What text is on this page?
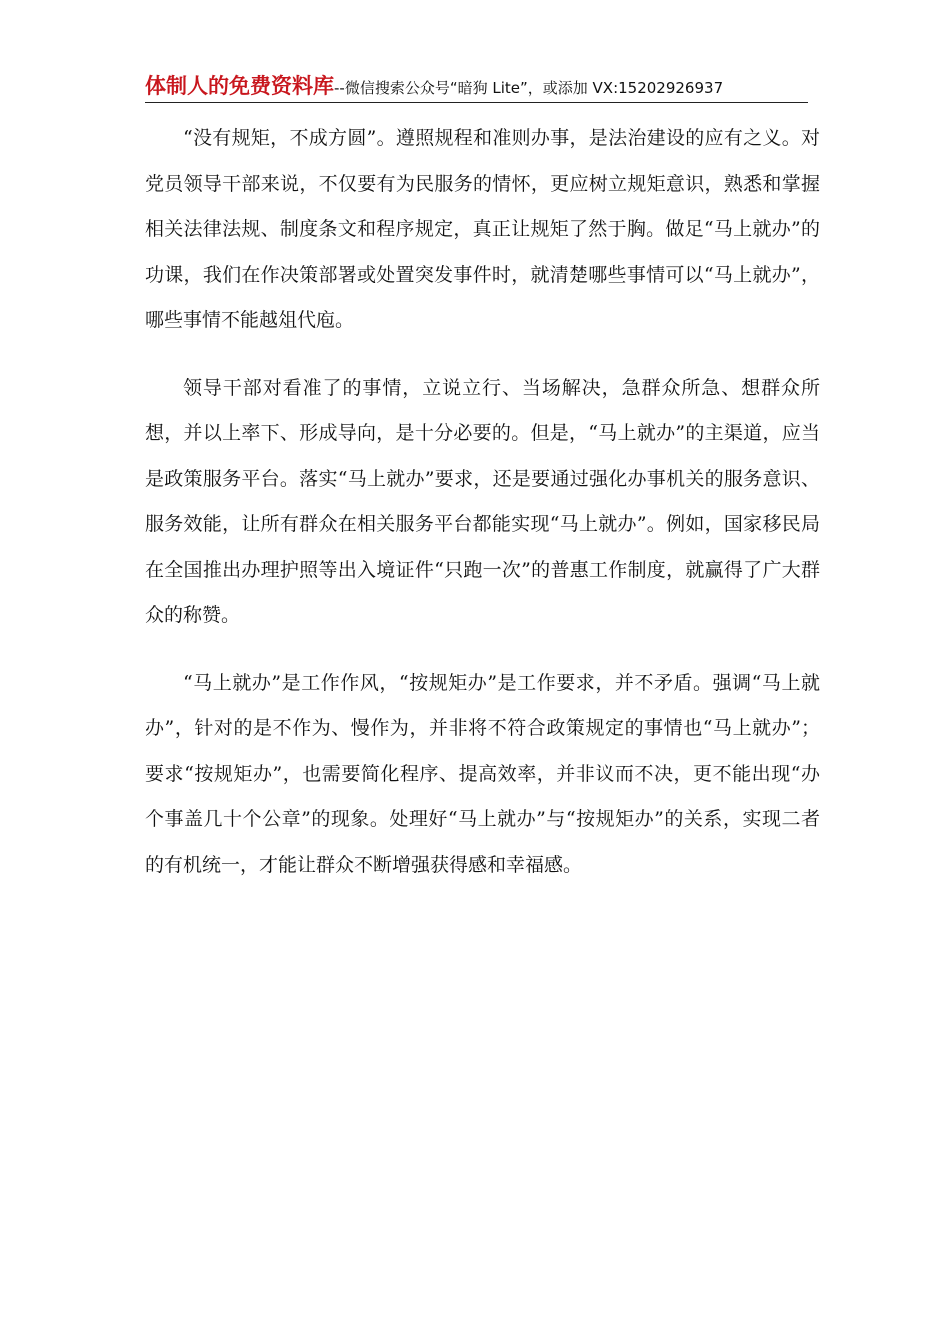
体制人的免费资料库--微信搜索公众号“暗狗 Lite”，或添加 VX:15202926937

“没有规矩，不成方圆”。遵照规程和准则办事，是法治建设的应有之义。对党员领导干部来说，不仅要有为民服务的情怀，更应树立规矩意识，熟悉和掌握相关法律法规、制度条文和程序规定，真正让规矩了然于胸。做足“马上就办”的功课，我们在作决策部署或处置突发事件时，就清楚哪些事情可以“马上就办”，哪些事情不能越俎代庖。

领导干部对看准了的事情，立说立行、当场解决，急群众所急、想群众所想，并以上率下、形成导向，是十分必要的。但是，“马上就办”的主渠道，应当是政策服务平台。落实“马上就办”要求，还是要通过强化办事机关的服务意识、服务效能，让所有群众在相关服务平台都能实现“马上就办”。例如，国家移民局在全国推出办理护照等出入境证件“只跑一次”的普惠工作制度，就赢得了广大群众的称赞。

“马上就办”是工作作风，“按规矩办”是工作要求，并不矛盾。强调“马上就办”，针对的是不作为、慢作为，并非将不符合政策规定的事情也“马上就办”；要求“按规矩办”，也需要简化程序、提高效率，并非议而不决，更不能出现“办个事盖几十个公章”的现象。处理好“马上就办”与“按规矩办”的关系，实现二者的有机统一，才能让群众不断增强获得感和幸福感。
